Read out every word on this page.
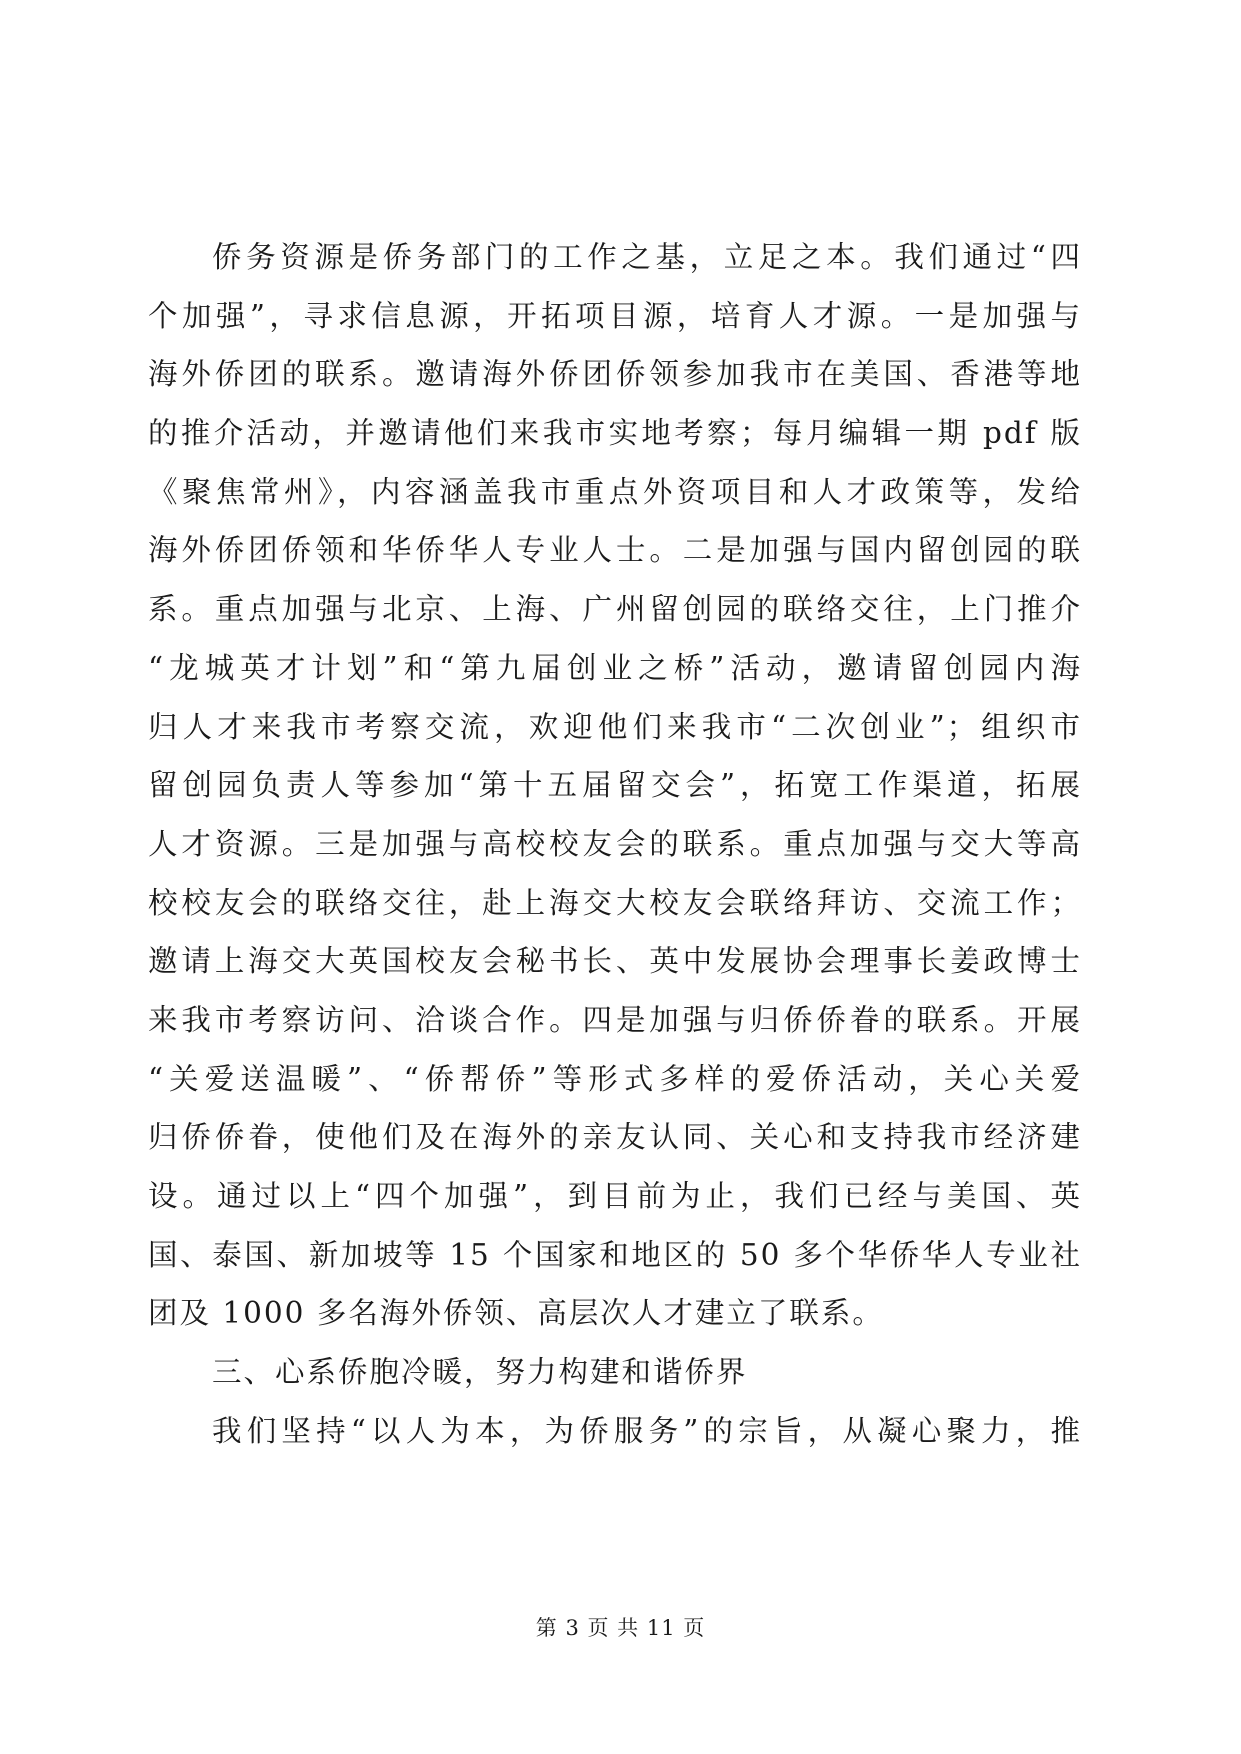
侨务资源是侨务部门的工作之基，立足之本。我们通过“四
个加强”，寻求信息源，开拓项目源，培育人才源。一是加强与
海外侨团的联系。邀请海外侨团侨领参加我市在美国、香港等地
的推介活动，并邀请他们来我市实地考察；每月编辑一期 pdf 版
《聚焦常州》，内容涵盖我市重点外资项目和人才政策等，发给
海外侨团侨领和华侨华人专业人士。二是加强与国内留创园的联
系。重点加强与北京、上海、广州留创园的联络交往，上门推介
“龙城英才计划”和“第九届创业之桥”活动，邀请留创园内海
归人才来我市考察交流，欢迎他们来我市“二次创业”；组织市
留创园负责人等参加“第十五届留交会”，拓宽工作渠道，拓展
人才资源。三是加强与高校校友会的联系。重点加强与交大等高
校校友会的联络交往，赴上海交大校友会联络拜访、交流工作；
邀请上海交大英国校友会秘书长、英中发展协会理事长姜政博士
来我市考察访问、洽谈合作。四是加强与归侨侨眷的联系。开展
“关爱送温暖”、“侨帮侨”等形式多样的爱侨活动，关心关爱
归侨侨眷，使他们及在海外的亲友认同、关心和支持我市经济建
设。通过以上“四个加强”，到目前为止，我们已经与美国、英
国、泰国、新加坡等 15 个国家和地区的 50 多个华侨华人专业社
团及 1000 多名海外侨领、高层次人才建立了联系。
三、心系侨胞冷暖，努力构建和谐侨界
我们坚持“以人为本，为侨服务”的宗旨，从凝心聚力，推
第 3 页 共 11 页
